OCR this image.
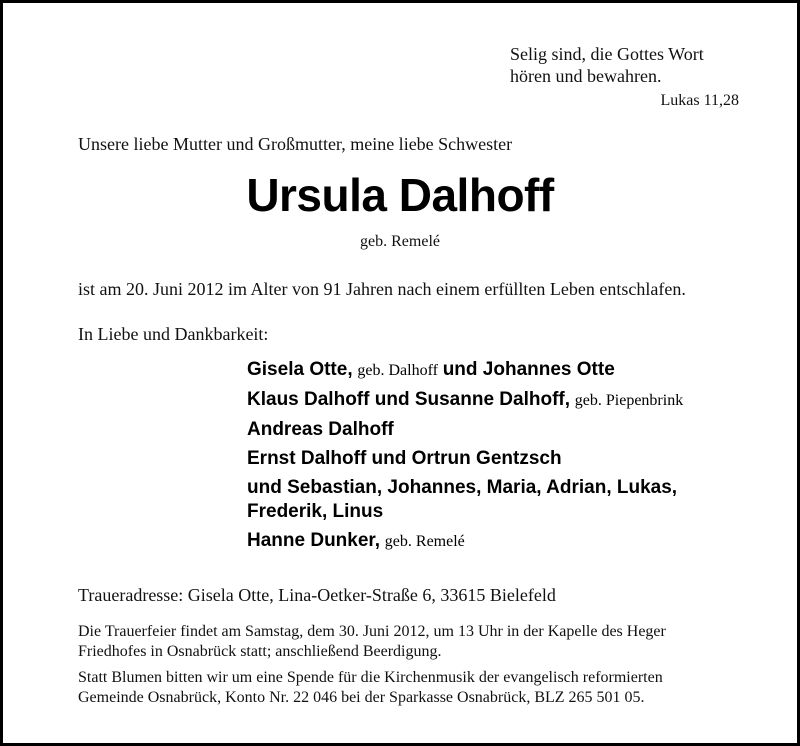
Selig sind, die Gottes Wort
hören und bewahren.
Lukas 11,28
Unsere liebe Mutter und Großmutter, meine liebe Schwester
Ursula Dalhoff
geb. Remelé
ist am 20. Juni 2012 im Alter von 91 Jahren nach einem erfüllten Leben entschlafen.
In Liebe und Dankbarkeit:
Gisela Otte, geb. Dalhoff und Johannes Otte
Klaus Dalhoff und Susanne Dalhoff, geb. Piepenbrink
Andreas Dalhoff
Ernst Dalhoff und Ortrun Gentzsch
und Sebastian, Johannes, Maria, Adrian, Lukas,
Frederik, Linus
Hanne Dunker, geb. Remelé
Traueradresse: Gisela Otte, Lina-Oetker-Straße 6, 33615 Bielefeld
Die Trauerfeier findet am Samstag, dem 30. Juni 2012, um 13 Uhr in der Kapelle des Heger
Friedhofes in Osnabrück statt; anschließend Beerdigung.
Statt Blumen bitten wir um eine Spende für die Kirchenmusik der evangelisch reformierten
Gemeinde Osnabrück, Konto Nr. 22 046 bei der Sparkasse Osnabrück, BLZ 265 501 05.
